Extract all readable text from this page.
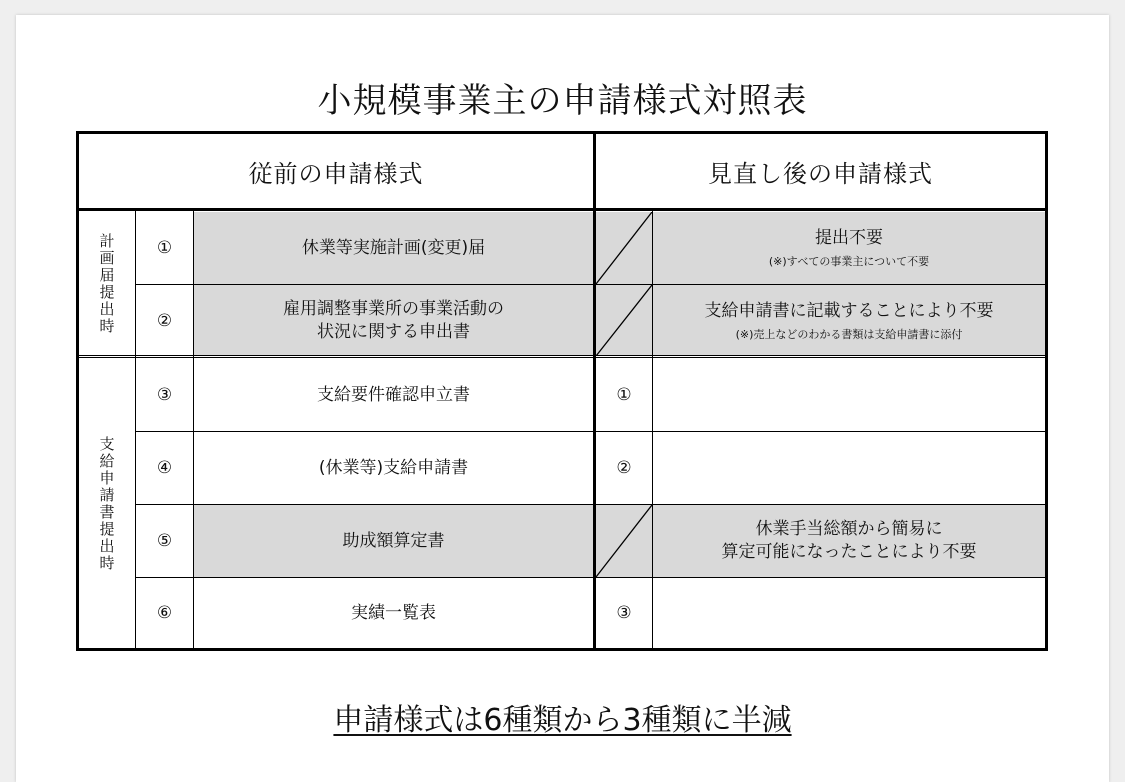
小規模事業主の申請様式対照表
従前の申請様式	見直し後の申請様式
休業等実施計画(変更)届
雇用調整事業所の事業活動の
状況に関する申出書
提出不要
(※)すべての事業主について不要
支給申請書に記載することにより不要
(※)売上などのわかる書類は支給申請書に添付
助成額算定書
休業手当総額から簡易に
算定可能になったことにより不要
支給要件確認申立書
(休業等)支給申請書
実績一覧表
①
②
③
④
⑤
⑥
①
②
③
計
画
届
提
出
時
支
給
申
請
書
提
出
時

申請様式は6種類から3種類に半減
